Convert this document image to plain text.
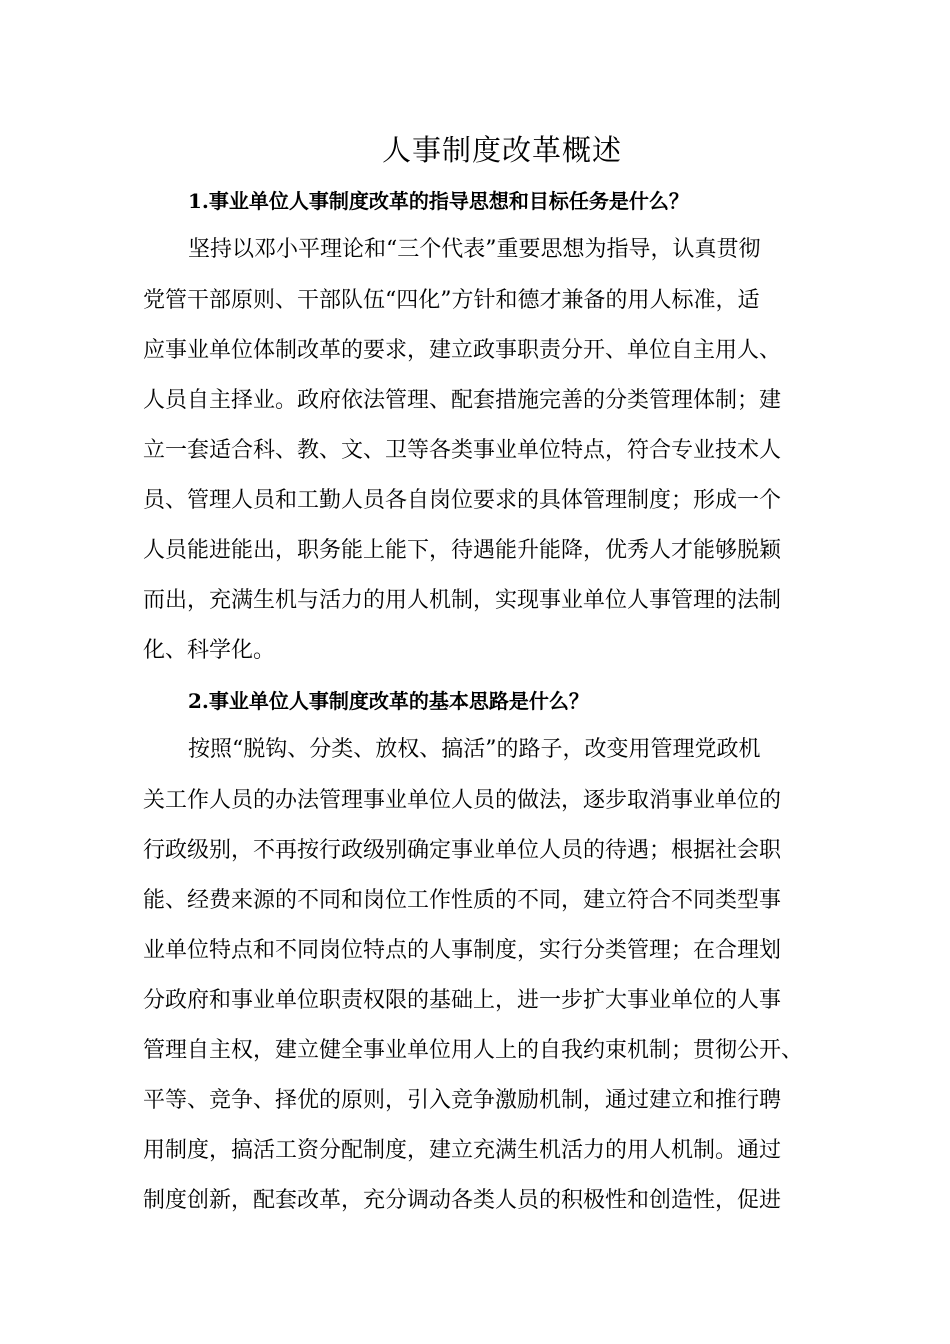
人事制度改革概述
1.事业单位人事制度改革的指导思想和目标任务是什么？
坚持以邓小平理论和“三个代表”重要思想为指导，认真贯彻
党管干部原则、干部队伍“四化”方针和德才兼备的用人标准，适
应事业单位体制改革的要求，建立政事职责分开、单位自主用人、
人员自主择业。政府依法管理、配套措施完善的分类管理体制；建
立一套适合科、教、文、卫等各类事业单位特点，符合专业技术人
员、管理人员和工勤人员各自岗位要求的具体管理制度；形成一个
人员能进能出，职务能上能下，待遇能升能降，优秀人才能够脱颖
而出，充满生机与活力的用人机制，实现事业单位人事管理的法制
化、科学化。
2.事业单位人事制度改革的基本思路是什么？
按照“脱钩、分类、放权、搞活”的路子，改变用管理党政机
关工作人员的办法管理事业单位人员的做法，逐步取消事业单位的
行政级别，不再按行政级别确定事业单位人员的待遇；根据社会职
能、经费来源的不同和岗位工作性质的不同，建立符合不同类型事
业单位特点和不同岗位特点的人事制度，实行分类管理；在合理划
分政府和事业单位职责权限的基础上，进一步扩大事业单位的人事
管理自主权，建立健全事业单位用人上的自我约束机制；贯彻公开、
平等、竞争、择优的原则，引入竞争激励机制，通过建立和推行聘
用制度，搞活工资分配制度，建立充满生机活力的用人机制。通过
制度创新，配套改革，充分调动各类人员的积极性和创造性，促进
